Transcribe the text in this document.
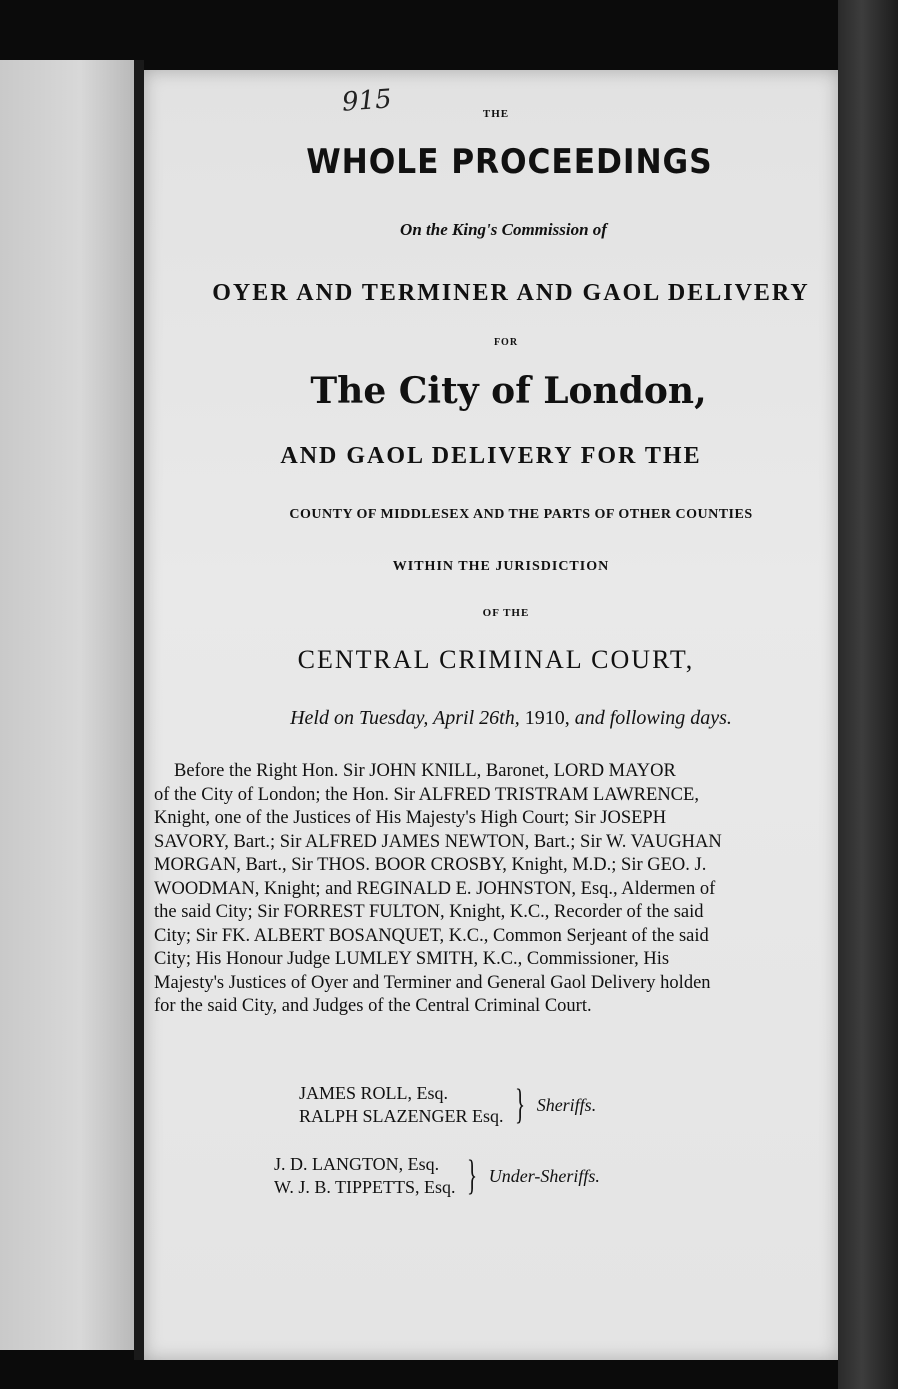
915	THE
WHOLE PROCEEDINGS
On the King's Commission of
OYER AND TERMINER AND GAOL DELIVERY
FOR
The City of London,
AND GAOL DELIVERY FOR THE
COUNTY OF MIDDLESEX AND THE PARTS OF OTHER COUNTIES
WITHIN THE JURISDICTION
OF THE
CENTRAL CRIMINAL COURT,
Held on Tuesday, April 26th, 1910, and following days.
Before the Right Hon. Sir JOHN KNILL, Baronet, LORD MAYOR
of the City of London; the Hon. Sir ALFRED TRISTRAM LAWRENCE,
Knight, one of the Justices of His Majesty's High Court; Sir JOSEPH
SAVORY, Bart.; Sir ALFRED JAMES NEWTON, Bart.; Sir W. VAUGHAN
MORGAN, Bart., Sir THOS. BOOR CROSBY, Knight, M.D.; Sir GEO. J.
WOODMAN, Knight; and REGINALD E. JOHNSTON, Esq., Aldermen of
the said City; Sir FORREST FULTON, Knight, K.C., Recorder of the said
City; Sir FK. ALBERT BOSANQUET, K.C., Common Serjeant of the said
City; His Honour Judge LUMLEY SMITH, K.C., Commissioner, His
Majesty's Justices of Oyer and Terminer and General Gaol Delivery holden
for the said City, and Judges of the Central Criminal Court.
JAMES ROLL, Esq.
RALPH SLAZENGER Esq. } Sheriffs.
J. D. LANGTON, Esq.
W. J. B. TIPPETTS, Esq. } Under-Sheriffs.
